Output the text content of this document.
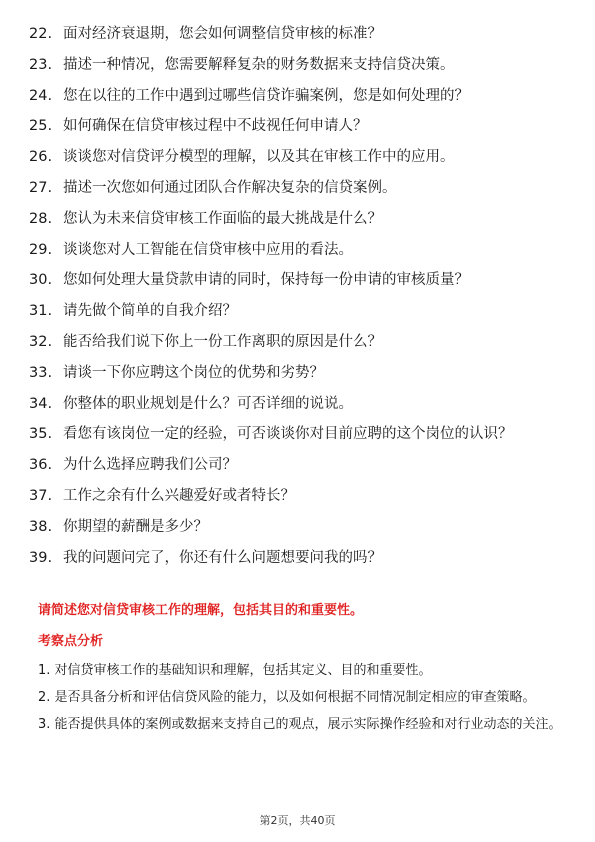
22. 面对经济衰退期，您会如何调整信贷审核的标准？
23. 描述一种情况，您需要解释复杂的财务数据来支持信贷决策。
24. 您在以往的工作中遇到过哪些信贷诈骗案例，您是如何处理的？
25. 如何确保在信贷审核过程中不歧视任何申请人？
26. 谈谈您对信贷评分模型的理解，以及其在审核工作中的应用。
27. 描述一次您如何通过团队合作解决复杂的信贷案例。
28. 您认为未来信贷审核工作面临的最大挑战是什么？
29. 谈谈您对人工智能在信贷审核中应用的看法。
30. 您如何处理大量贷款申请的同时，保持每一份申请的审核质量？
31. 请先做个简单的自我介绍？
32. 能否给我们说下你上一份工作离职的原因是什么？
33. 请谈一下你应聘这个岗位的优势和劣势？
34. 你整体的职业规划是什么？可否详细的说说。
35. 看您有该岗位一定的经验，可否谈谈你对目前应聘的这个岗位的认识？
36. 为什么选择应聘我们公司？
37. 工作之余有什么兴趣爱好或者特长？
38. 你期望的薪酬是多少？
39. 我的问题问完了，你还有什么问题想要问我的吗？
请简述您对信贷审核工作的理解，包括其目的和重要性。
考察点分析
1. 对信贷审核工作的基础知识和理解，包括其定义、目的和重要性。
2. 是否具备分析和评估信贷风险的能力，以及如何根据不同情况制定相应的审查策略。
3. 能否提供具体的案例或数据来支持自己的观点，展示实际操作经验和对行业动态的关注。
第2页，共40页
